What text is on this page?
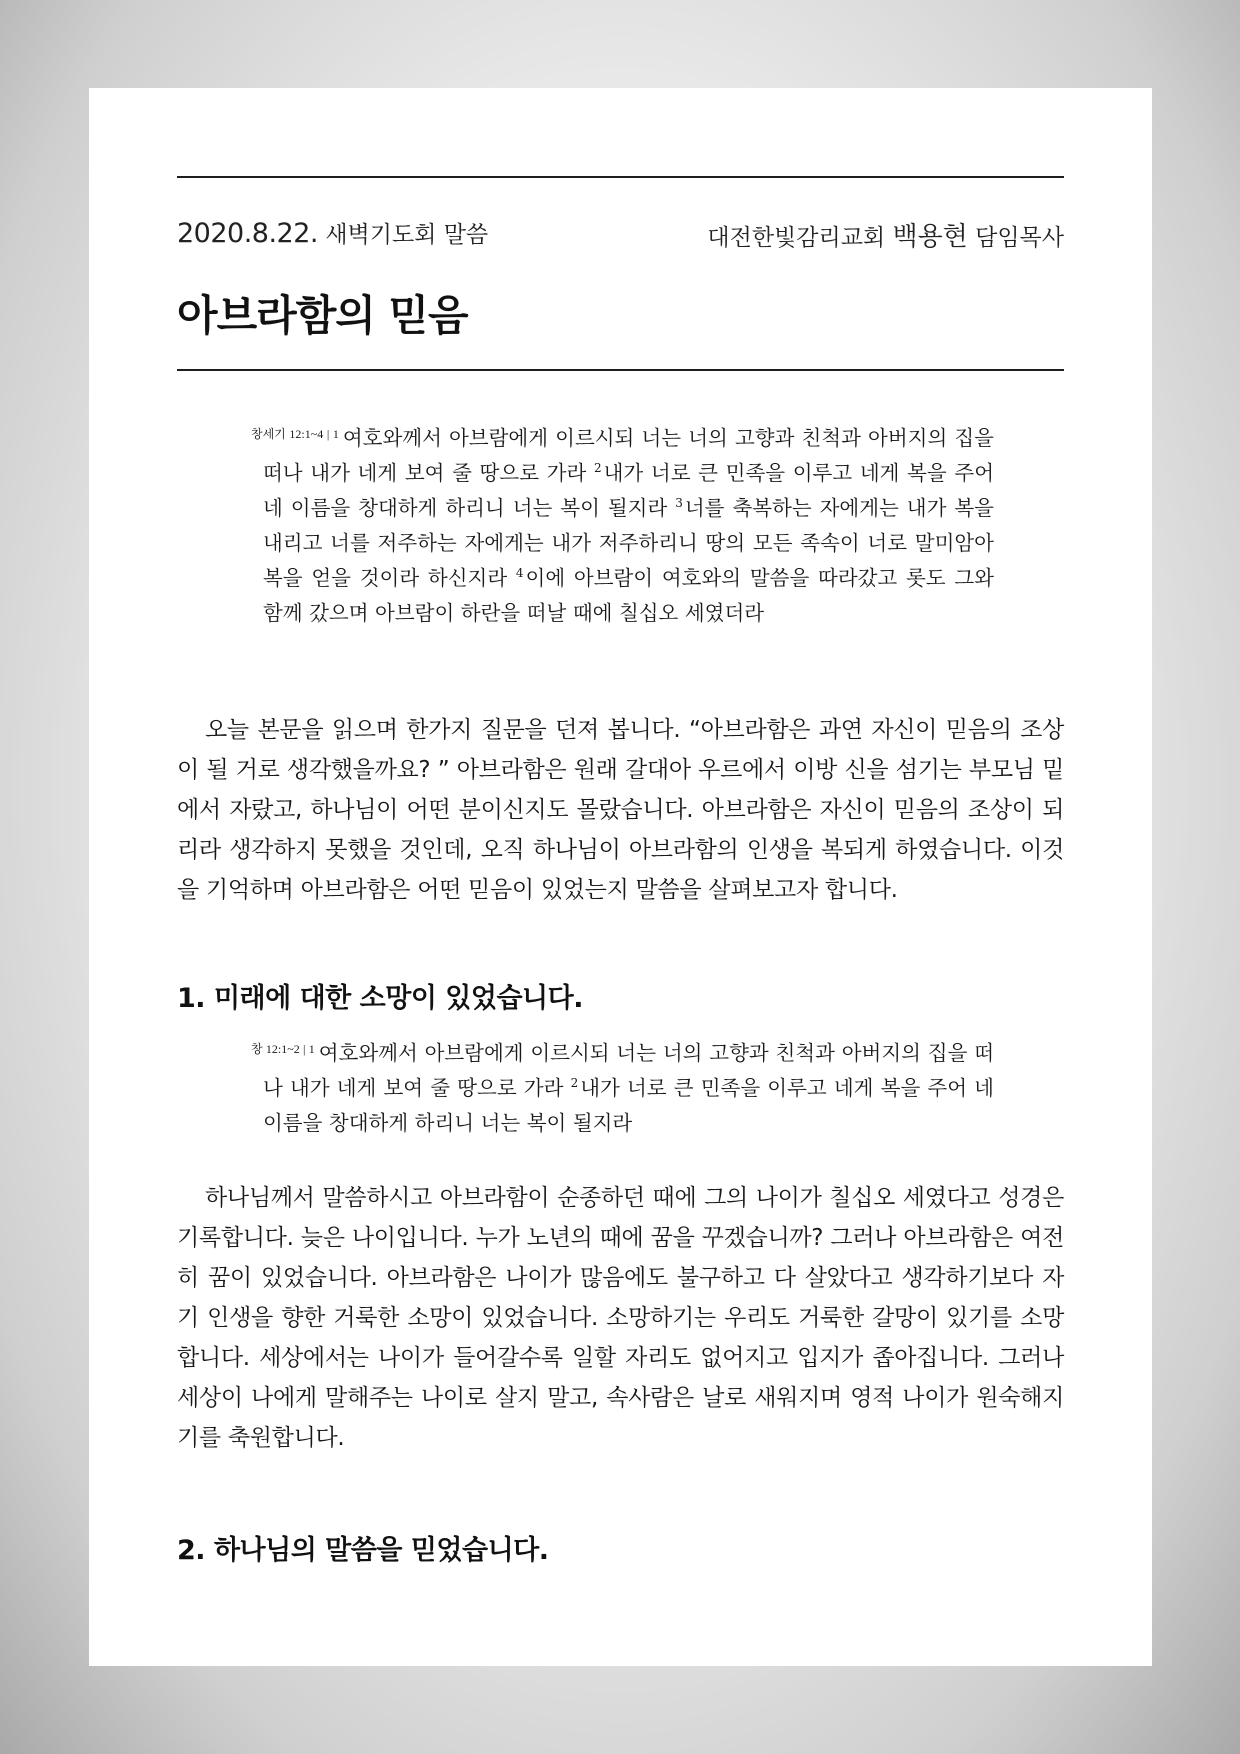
2020.8.22. 새벽기도회 말씀	대전한빛감리교회 백용현 담임목사
아브라함의 믿음
$^{창세기 12:1\sim 4 | 1}$ 여호와께서 아브람에게 이르시되 너는 너의 고향과 친척과 아버지의 집을 떠나 내가 네게 보여 줄 땅으로 가라 $^2$내가 너로 큰 민족을 이루고 네게 복을 주어 네 이름을 창대하게 하리니 너는 복이 될지라 $^3$너를 축복하는 자에게는 내가 복을 내리고 너를 저주하는 자에게는 내가 저주하리니 땅의 모든 족속이 너로 말미암아 복을 얻을 것이라 하신지라 $^4$이에 아브람이 여호와의 말씀을 따라갔고 롯도 그와 함께 갔으며 아브람이 하란을 떠날 때에 칠십오 세였더라

오늘 본문을 읽으며 한가지 질문을 던져 봅니다. “아브라함은 과연 자신이 믿음의 조상이 될 거로 생각했을까요? ” 아브라함은 원래 갈대아 우르에서 이방 신을 섬기는 부모님 밑에서 자랐고, 하나님이 어떤 분이신지도 몰랐습니다. 아브라함은 자신이 믿음의 조상이 되리라 생각하지 못했을 것인데, 오직 하나님이 아브라함의 인생을 복되게 하였습니다. 이것을 기억하며 아브라함은 어떤 믿음이 있었는지 말씀을 살펴보고자 합니다.

1. 미래에 대한 소망이 있었습니다.
$^{창 12:1\sim 2 | 1}$ 여호와께서 아브람에게 이르시되 너는 너의 고향과 친척과 아버지의 집을 떠나 내가 네게 보여 줄 땅으로 가라 $^2$내가 너로 큰 민족을 이루고 네게 복을 주어 네 이름을 창대하게 하리니 너는 복이 될지라

하나님께서 말씀하시고 아브라함이 순종하던 때에 그의 나이가 칠십오 세였다고 성경은 기록합니다. 늦은 나이입니다. 누가 노년의 때에 꿈을 꾸겠습니까? 그러나 아브라함은 여전히 꿈이 있었습니다. 아브라함은 나이가 많음에도 불구하고 다 살았다고 생각하기보다 자기 인생을 향한 거룩한 소망이 있었습니다. 소망하기는 우리도 거룩한 갈망이 있기를 소망합니다. 세상에서는 나이가 들어갈수록 일할 자리도 없어지고 입지가 좁아집니다. 그러나 세상이 나에게 말해주는 나이로 살지 말고, 속사람은 날로 새워지며 영적 나이가 원숙해지기를 축원합니다.

2. 하나님의 말씀을 믿었습니다.
